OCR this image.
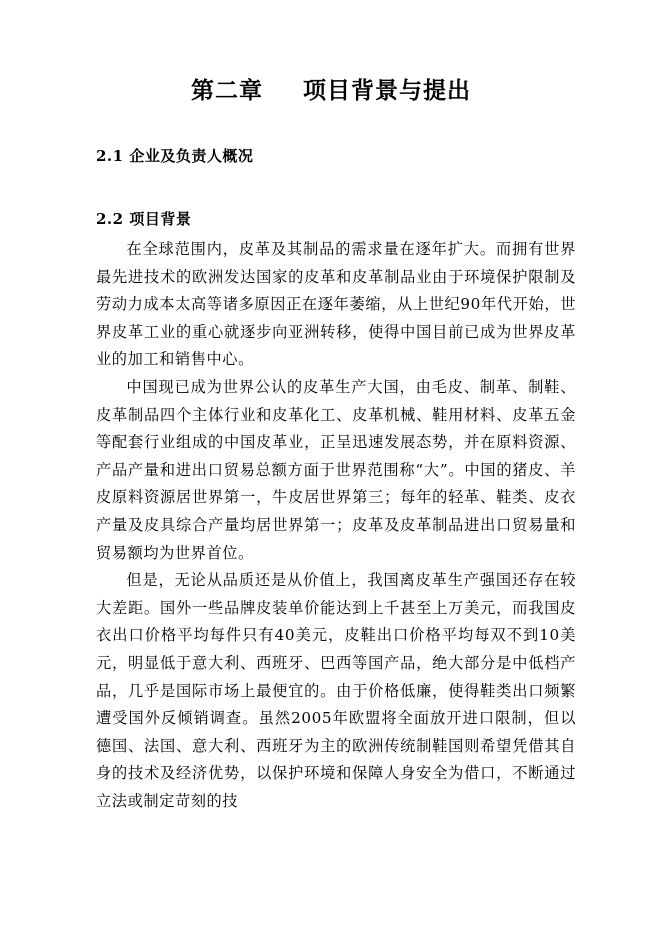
第二章 项目背景与提出
2.1 企业及负责人概况
2.2 项目背景

在全球范围内，皮革及其制品的需求量在逐年扩大。而拥有世界最先进技术的欧洲发达国家的皮革和皮革制品业由于环境保护限制及劳动力成本太高等诸多原因正在逐年萎缩，从上世纪90年代开始，世界皮革工业的重心就逐步向亚洲转移，使得中国目前已成为世界皮革业的加工和销售中心。

中国现已成为世界公认的皮革生产大国，由毛皮、制革、制鞋、皮革制品四个主体行业和皮革化工、皮革机械、鞋用材料、皮革五金等配套行业组成的中国皮革业，正呈迅速发展态势，并在原料资源、产品产量和进出口贸易总额方面于世界范围称“大”。中国的猪皮、羊皮原料资源居世界第一，牛皮居世界第三；每年的轻革、鞋类、皮衣产量及皮具综合产量均居世界第一；皮革及皮革制品进出口贸易量和贸易额均为世界首位。

但是，无论从品质还是从价值上，我国离皮革生产强国还存在较大差距。国外一些品牌皮装单价能达到上千甚至上万美元，而我国皮衣出口价格平均每件只有40美元，皮鞋出口价格平均每双不到10美元，明显低于意大利、西班牙、巴西等国产品，绝大部分是中低档产品，几乎是国际市场上最便宜的。由于价格低廉，使得鞋类出口频繁遭受国外反倾销调查。虽然2005年欧盟将全面放开进口限制，但以德国、法国、意大利、西班牙为主的欧洲传统制鞋国则希望凭借其自身的技术及经济优势，以保护环境和保障人身安全为借口，不断通过立法或制定苛刻的技
